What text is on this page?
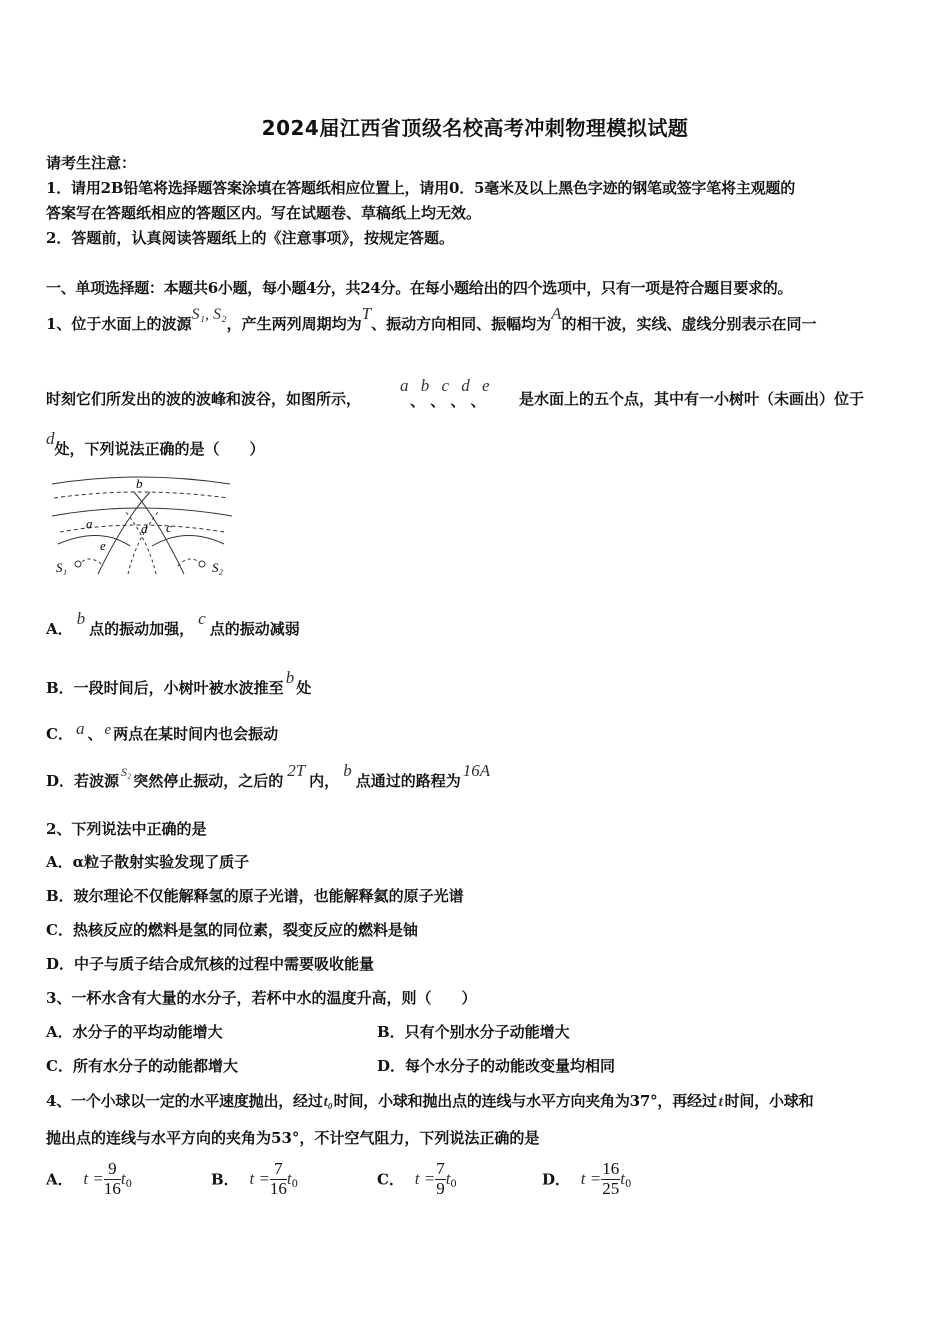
2024届江西省顶级名校高考冲刺物理模拟试题
请考生注意：
1．请用2B铅笔将选择题答案涂填在答题纸相应位置上，请用0．5毫米及以上黑色字迹的钢笔或签字笔将主观题的
答案写在答题纸相应的答题区内。写在试题卷、草稿纸上均无效。
2．答题前，认真阅读答题纸上的《注意事项》，按规定答题。
一、单项选择题：本题共6小题，每小题4分，共24分。在每小题给出的四个选项中，只有一项是符合题目要求的。
1、位于水面上的波源S₁, S₂，产生两列周期均为T、振动方向相同、振幅均为A的相干波，实线、虚线分别表示在同一
时刻它们所发出的波的波峰和波谷，如图所示，
a b c d e
、 、 、 、 是水面上的五个点，其中有一小树叶（未画出）位于
d处，下列说法正确的是（　　）
b
a	d c
e
S₁	S₂
A．b点的振动加强，c点的振动减弱
B．一段时间后，小树叶被水波推至b处
C． a 、 e 两点在某时间内也会振动
D．若波源 $^{S_2}$ 突然停止振动，之后的2T内，b点通过的路程为16A
2、下列说法中正确的是
A．α粒子散射实验发现了质子
B．玻尔理论不仅能解释氢的原子光谱，也能解释氦的原子光谱
C．热核反应的燃料是氢的同位素，裂变反应的燃料是铀
D．中子与质子结合成氘核的过程中需要吸收能量
3、一杯水含有大量的水分子，若杯中水的温度升高，则（　　）
A．水分子的平均动能增大	B．只有个别水分子动能增大
C．所有水分子的动能都增大	D．每个水分子的动能改变量均相同
4、一个小球以一定的水平速度抛出，经过t₀时间，小球和抛出点的连线与水平方向夹角为37°，再经过 t 时间，小球和
抛出点的连线与水平方向的夹角为53°，不计空气阻力，下列说法正确的是
A． $t = \frac{9}{16} t_0$	B． $t = \frac{7}{16} t_0$	C． $t = \frac{7}{9} t_0$	D． $t = \frac{16}{25} t_0$
